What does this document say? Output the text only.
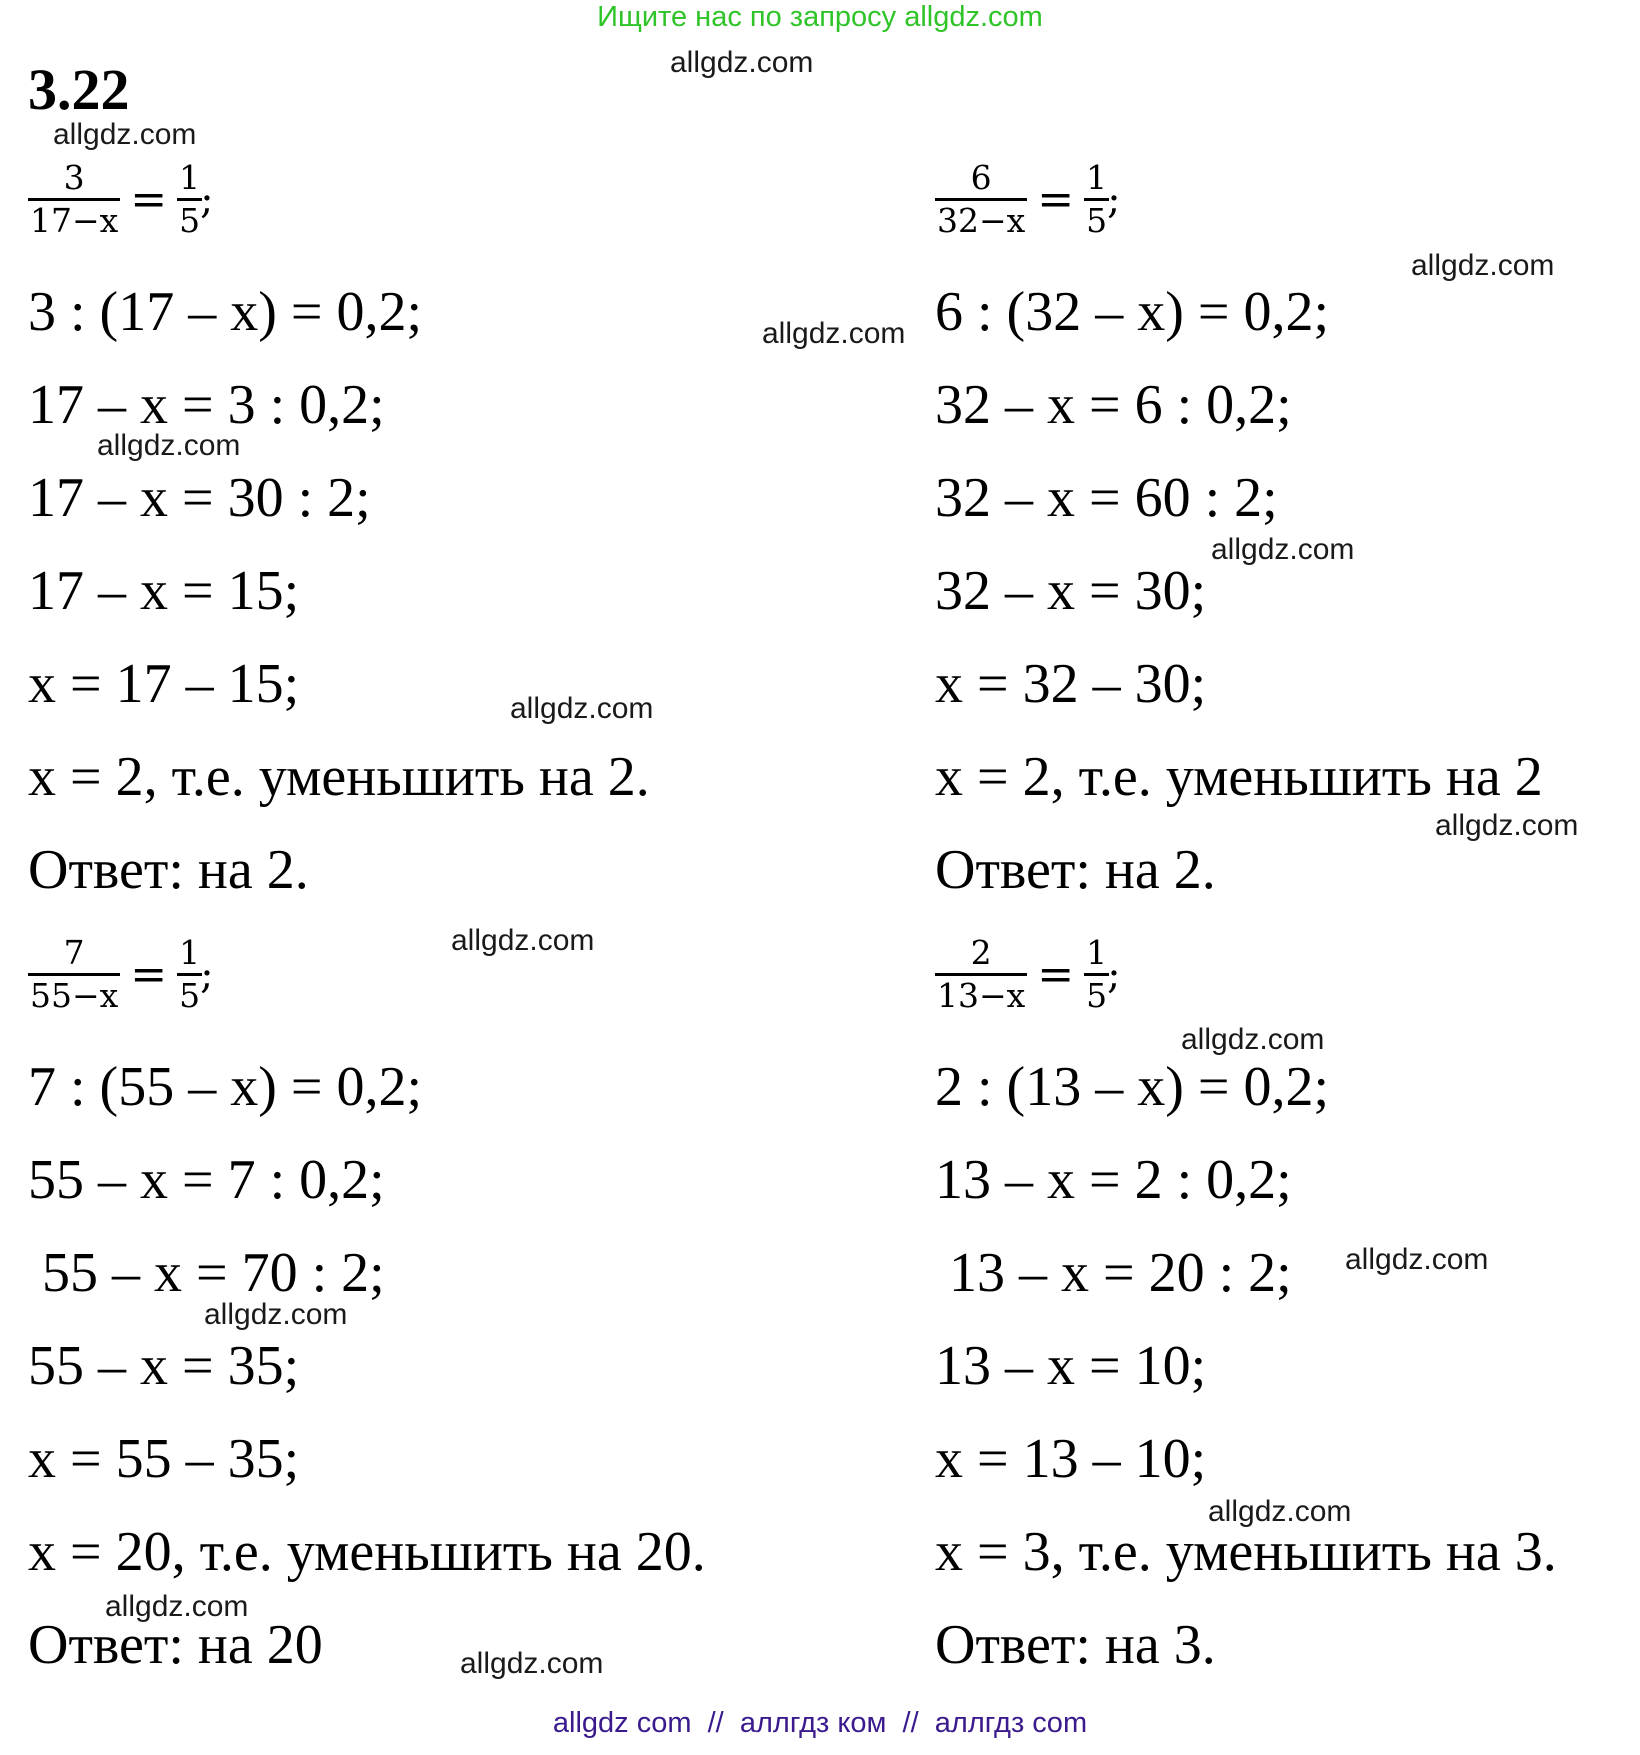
Ищите нас по запросу allgdz.com
3.22	allgdz.com
allgdz.com
allgdz.com
allgdz.com
allgdz.com
allgdz.com
allgdz.com
allgdz.com
allgdz.com
allgdz.com
allgdz.com
allgdz.com
allgdz.com
allgdz.com
allgdz.com
$\frac{3}{17-x} = \frac{1}{5}$
;
3 : (17 – x) = 0,2;
17 – x = 3 : 0,2;
17 – x = 30 : 2;
17 – x = 15;
x = 17 – 15;
x = 2, т.е. уменьшить на 2.
Ответ: на 2.
$\frac{6}{32-x} = \frac{1}{5}$
;
6 : (32 – x) = 0,2;
32 – x = 6 : 0,2;
32 – x = 60 : 2;
32 – x = 30;
x = 32 – 30;
x = 2, т.е. уменьшить на 2
Ответ: на 2.
$\frac{7}{55-x} = \frac{1}{5}$
;
7 : (55 – x) = 0,2;
55 – x = 7 : 0,2;
55 – x = 70 : 2;
55 – x = 35;
x = 55 – 35;
x = 20, т.е. уменьшить на 20.
Ответ: на 20
$\frac{2}{13-x} = \frac{1}{5}$
;
2 : (13 – x) = 0,2;
13 – x = 2 : 0,2;
13 – x = 20 : 2;
13 – x = 10;
x = 13 – 10;
x = 3, т.е. уменьшить на 3.
Ответ: на 3.
allgdz com  //  аллгдз ком  //  аллгдз com
